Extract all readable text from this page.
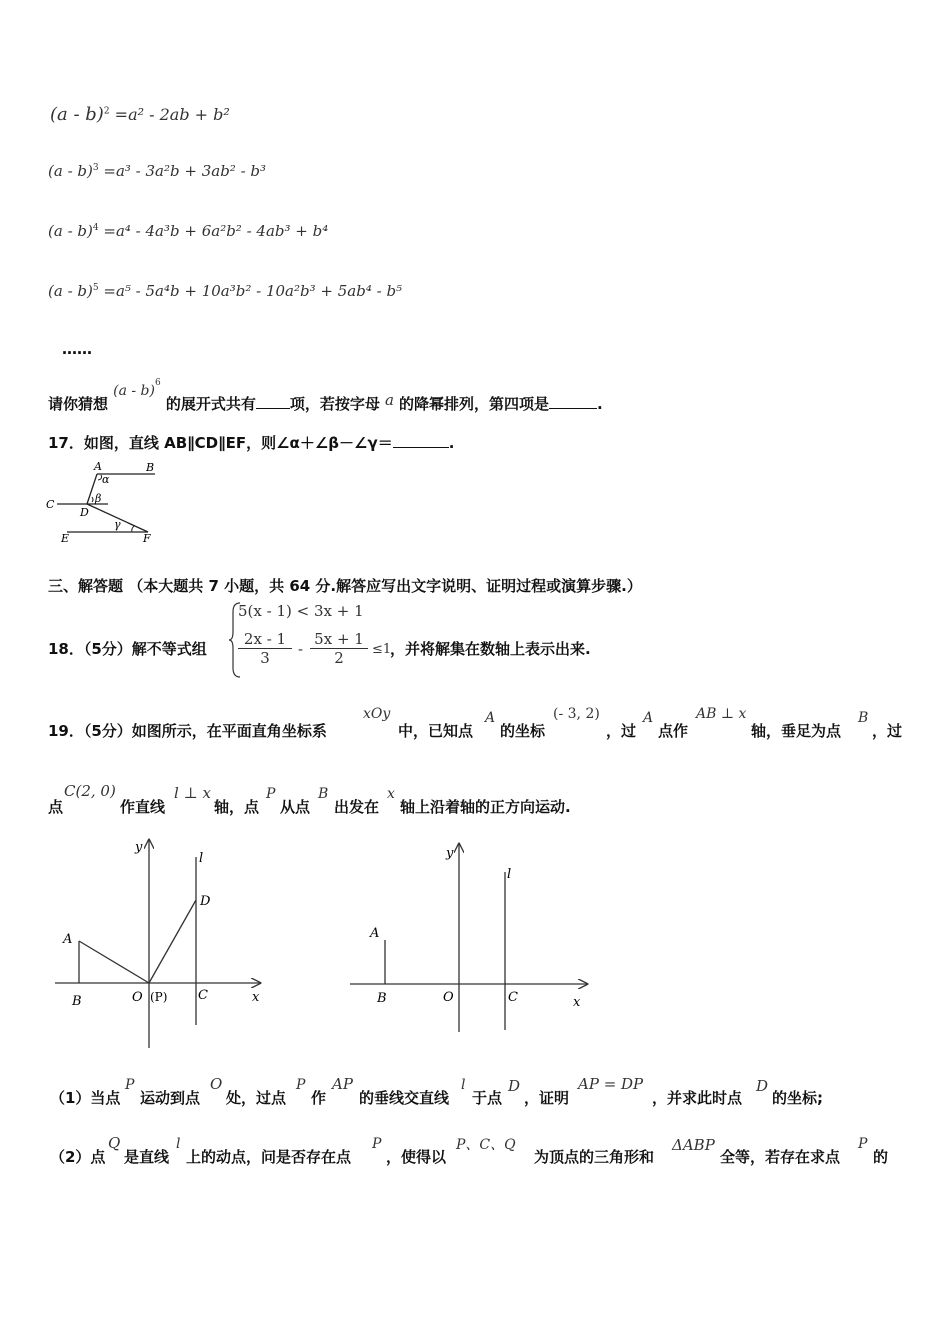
(a - b)$^2$ =a² - 2ab + b²
(a - b)$^3$ =a³ - 3a²b + 3ab² - b³
(a - b)$^4$ =a⁴ - 4a³b + 6a²b² - 4ab³ + b⁴
(a - b)$^5$ =a⁵ - 5a⁴b + 10a³b² - 10a²b³ + 5ab⁴ - b⁵
……
请你猜想 (a - b)$^6$ 的展开式共有 项，若按字母 a 的降幂排列，第四项是	.
17．如图，直线 AB∥CD∥EF，则∠α＋∠β－∠γ＝	.
A	B
α
β
C
D
γ
E	F
三、解答题 （本大题共 7 小题，共 64 分.解答应写出文字说明、证明过程或演算步骤.）
18．（5分）解不等式组
5(x - 1) < 3x + 1
$\frac{2x - 1}{3} - \frac{5x + 1}{2} \le 1$
，并将解集在数轴上表示出来.
19．（5分）如图所示，在平面直角坐标系
xOy
中，已知点
A
的坐标
(- 3, 2)
，过
A
点作
AB ⊥ x
轴，垂足为点
B
，过
点
C(2, 0)
作直线
l ⊥ x
轴，点
P
从点
B
出发在
x
轴上沿着轴的正方向运动.
y
l
D
A
B	O (P) C	x
y
l
A
B	O	C	x
（1）当点
P
运动到点
O
处，过点
P
作
AP
的垂线交直线
l
于点
D
，证明
AP = DP
，并求此时点
D
的坐标;
（2）点
Q
是直线
l
上的动点，问是否存在点
P
，使得以
P、C、Q
为顶点的三角形和
ΔABP
全等，若存在求点
P
的
